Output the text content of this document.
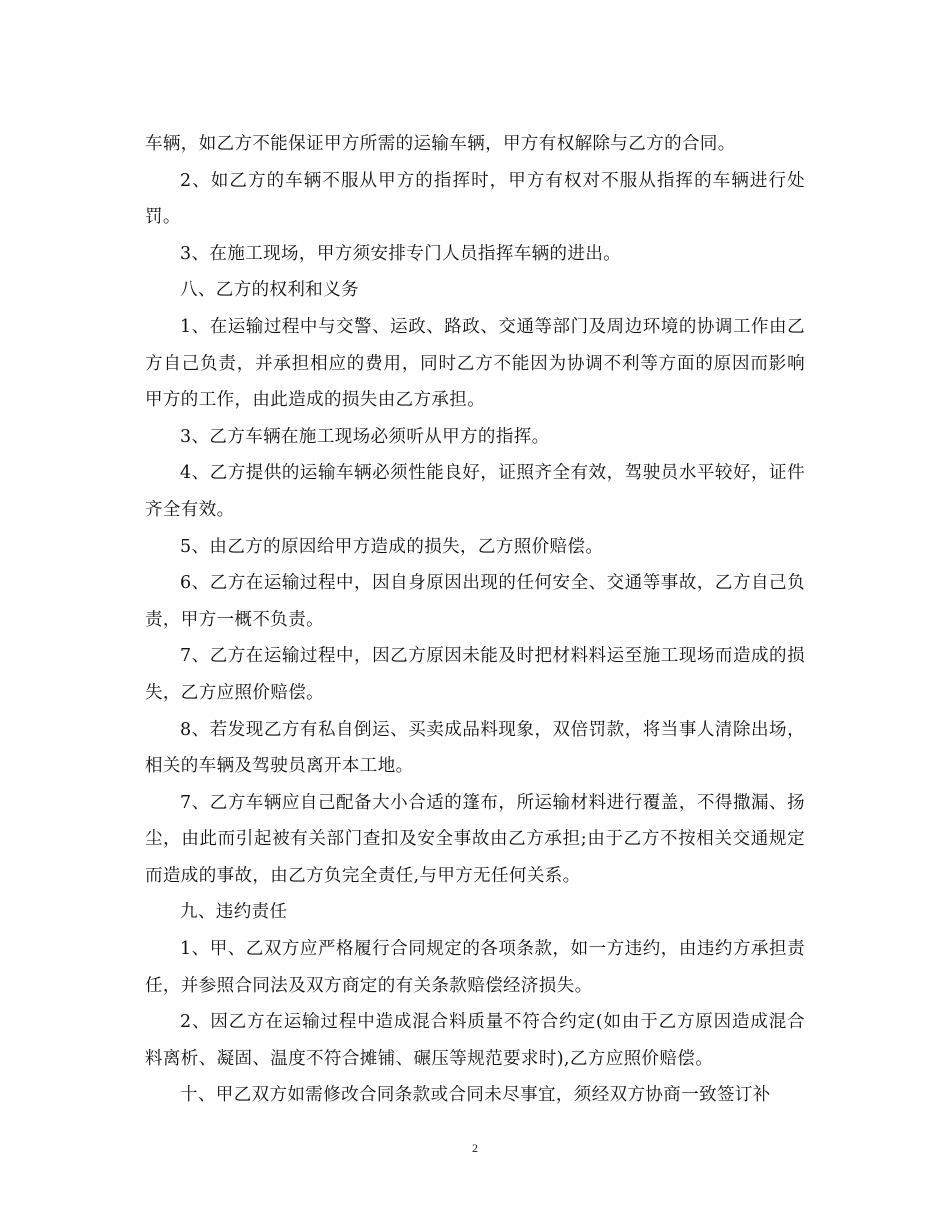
车辆，如乙方不能保证甲方所需的运输车辆，甲方有权解除与乙方的合同。

2、如乙方的车辆不服从甲方的指挥时，甲方有权对不服从指挥的车辆进行处罚。

3、在施工现场，甲方须安排专门人员指挥车辆的进出。

八、乙方的权利和义务

1、在运输过程中与交警、运政、路政、交通等部门及周边环境的协调工作由乙方自己负责，并承担相应的费用，同时乙方不能因为协调不利等方面的原因而影响甲方的工作，由此造成的损失由乙方承担。

3、乙方车辆在施工现场必须听从甲方的指挥。

4、乙方提供的运输车辆必须性能良好，证照齐全有效，驾驶员水平较好，证件齐全有效。

5、由乙方的原因给甲方造成的损失，乙方照价赔偿。

6、乙方在运输过程中，因自身原因出现的任何安全、交通等事故，乙方自己负责，甲方一概不负责。

7、乙方在运输过程中，因乙方原因未能及时把材料料运至施工现场而造成的损失，乙方应照价赔偿。

8、若发现乙方有私自倒运、买卖成品料现象，双倍罚款，将当事人清除出场，相关的车辆及驾驶员离开本工地。

7、乙方车辆应自己配备大小合适的篷布，所运输材料进行覆盖，不得撒漏、扬尘，由此而引起被有关部门查扣及安全事故由乙方承担;由于乙方不按相关交通规定而造成的事故，由乙方负完全责任,与甲方无任何关系。

九、违约责任

1、甲、乙双方应严格履行合同规定的各项条款，如一方违约，由违约方承担责任，并参照合同法及双方商定的有关条款赔偿经济损失。

2、因乙方在运输过程中造成混合料质量不符合约定(如由于乙方原因造成混合料离析、凝固、温度不符合摊铺、碾压等规范要求时),乙方应照价赔偿。

十、甲乙双方如需修改合同条款或合同未尽事宜，须经双方协商一致签订补

2
